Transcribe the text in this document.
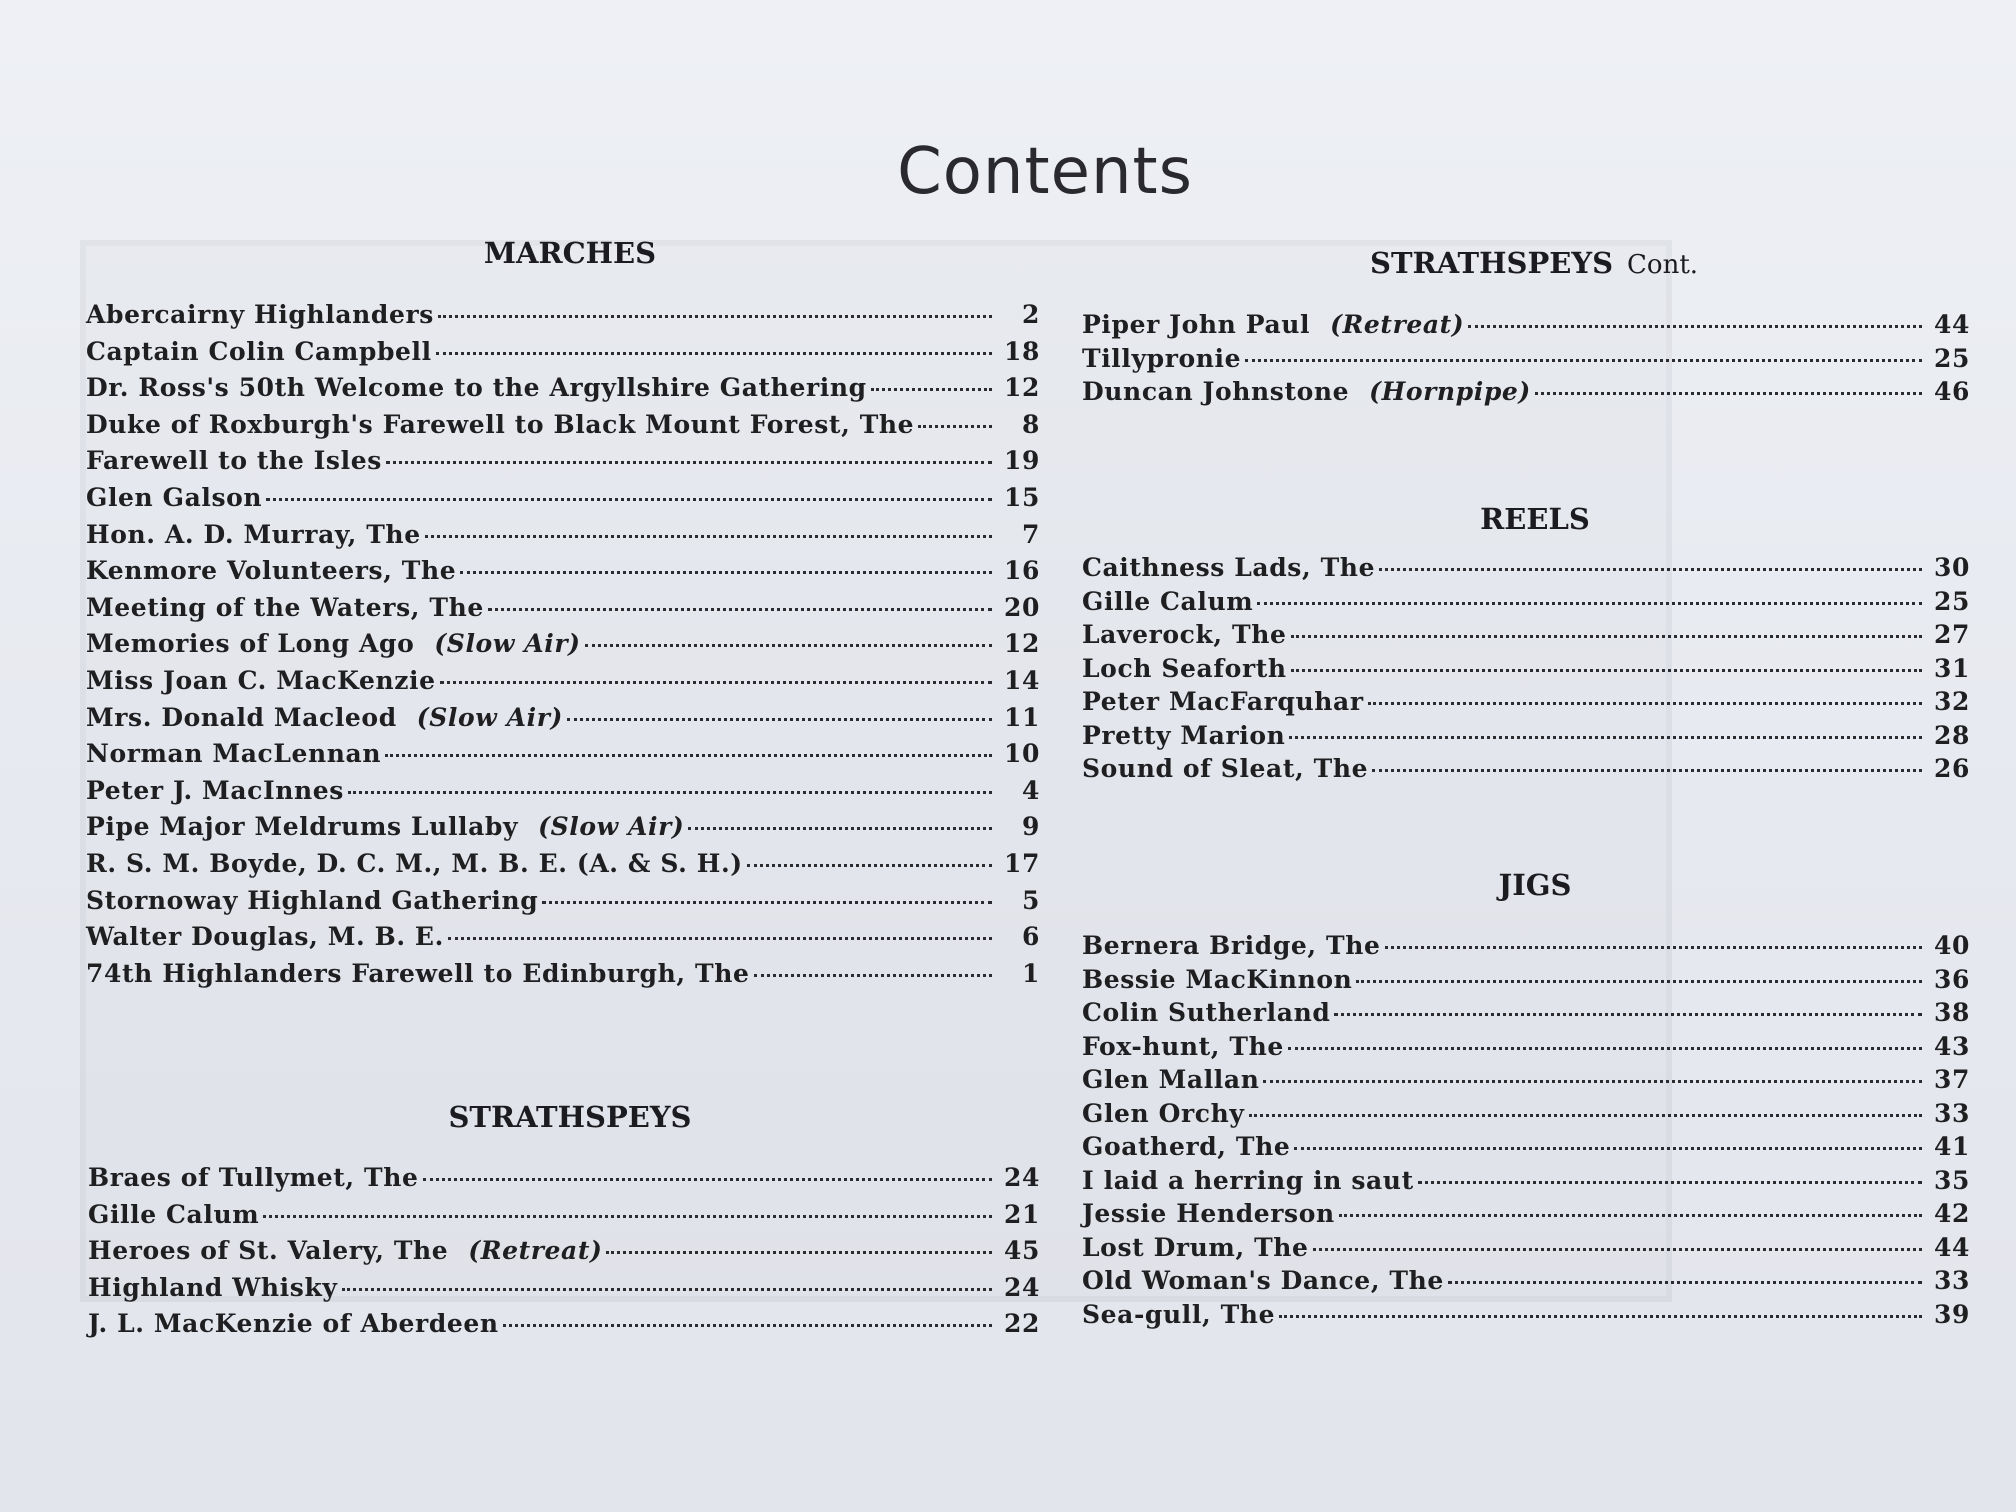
Contents
MARCHES
Abercairny Highlanders	2
Captain Colin Campbell	18
Dr. Ross's 50th Welcome to the Argyllshire Gathering	12
Duke of Roxburgh's Farewell to Black Mount Forest, The	8
Farewell to the Isles	19
Glen Galson	15
Hon. A. D. Murray, The	7
Kenmore Volunteers, The	16
Meeting of the Waters, The	20
Memories of Long Ago (Slow Air)	12
Miss Joan C. MacKenzie	14
Mrs. Donald Macleod (Slow Air)	11
Norman MacLennan	10
Peter J. MacInnes	4
Pipe Major Meldrums Lullaby (Slow Air)	9
R. S. M. Boyde, D. C. M., M. B. E. (A. & S. H.)	17
Stornoway Highland Gathering	5
Walter Douglas, M. B. E.	6
74th Highlanders Farewell to Edinburgh, The	1
STRATHSPEYS
Braes of Tullymet, The	24
Gille Calum	21
Heroes of St. Valery, The (Retreat)	45
Highland Whisky	24
J. L. MacKenzie of Aberdeen	22
STRATHSPEYS Cont.
Piper John Paul (Retreat)	44
Tillypronie	25
Duncan Johnstone (Hornpipe)	46
REELS
Caithness Lads, The	30
Gille Calum	25
Laverock, The	27
Loch Seaforth	31
Peter MacFarquhar	32
Pretty Marion	28
Sound of Sleat, The	26
JIGS
Bernera Bridge, The	40
Bessie MacKinnon	36
Colin Sutherland	38
Fox-hunt, The	43
Glen Mallan	37
Glen Orchy	33
Goatherd, The	41
I laid a herring in saut	35
Jessie Henderson	42
Lost Drum, The	44
Old Woman's Dance, The	33
Sea-gull, The	39
